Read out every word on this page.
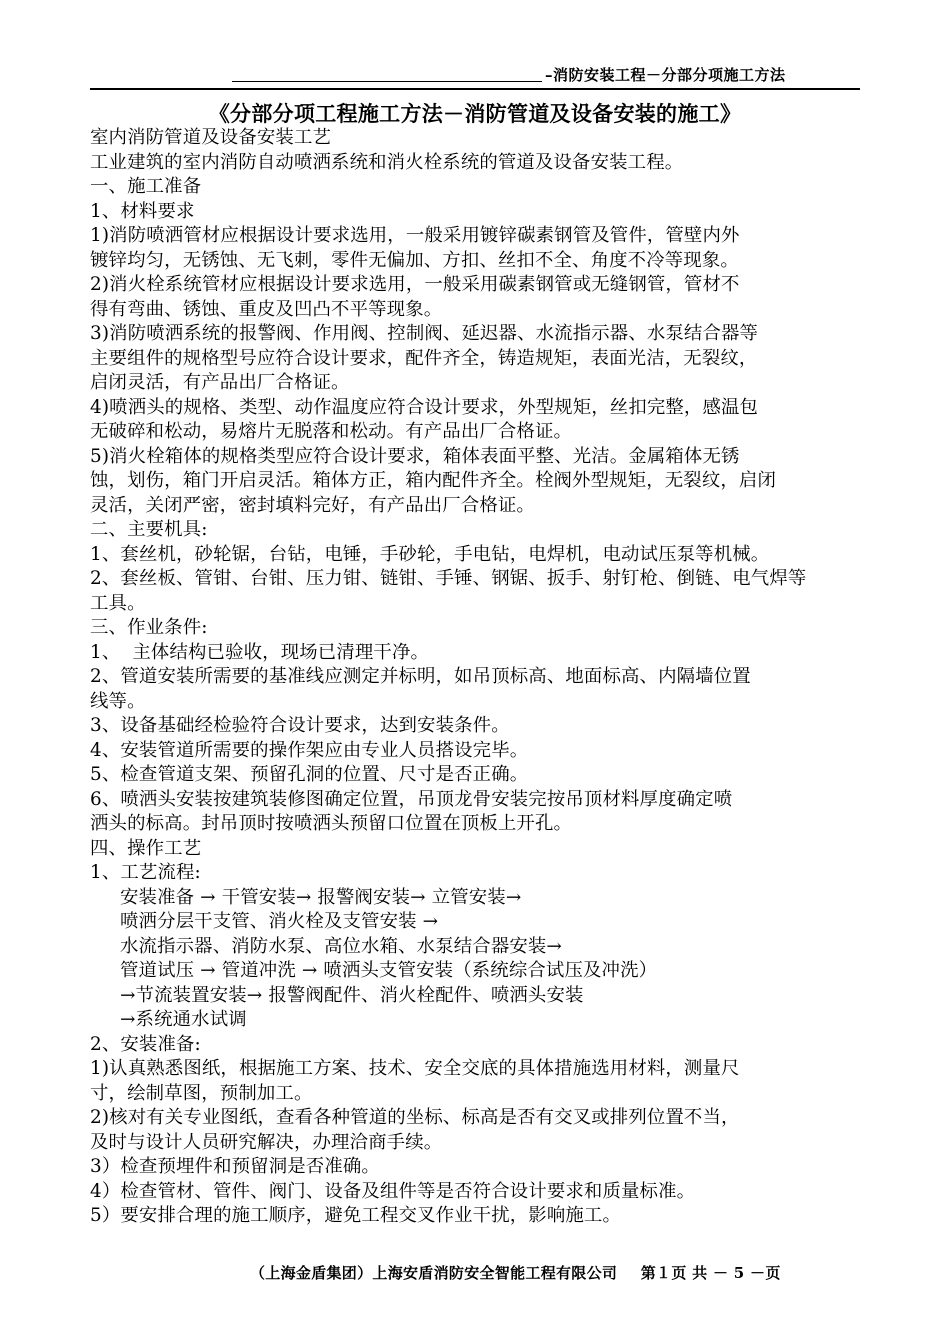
–消防安装工程－分部分项施工方法
《分部分项工程施工方法－消防管道及设备安装的施工》

室内消防管道及设备安装工艺

工业建筑的室内消防自动喷洒系统和消火栓系统的管道及设备安装工程。

一、施工准备

1、材料要求

1)消防喷洒管材应根据设计要求选用，一般采用镀锌碳素钢管及管件，管壁内外

镀锌均匀，无锈蚀、无飞刺，零件无偏加、方扣、丝扣不全、角度不冷等现象。

2)消火栓系统管材应根据设计要求选用，一般采用碳素钢管或无缝钢管，管材不

得有弯曲、锈蚀、重皮及凹凸不平等现象。

3)消防喷洒系统的报警阀、作用阀、控制阀、延迟器、水流指示器、水泵结合器等

主要组件的规格型号应符合设计要求，配件齐全，铸造规矩，表面光洁，无裂纹，

启闭灵活，有产品出厂合格证。

4)喷洒头的规格、类型、动作温度应符合设计要求，外型规矩，丝扣完整，感温包

无破碎和松动，易熔片无脱落和松动。有产品出厂合格证。

5)消火栓箱体的规格类型应符合设计要求，箱体表面平整、光洁。金属箱体无锈

蚀，划伤，箱门开启灵活。箱体方正，箱内配件齐全。栓阀外型规矩，无裂纹，启闭

灵活，关闭严密，密封填料完好，有产品出厂合格证。

二、主要机具:

1、套丝机，砂轮锯，台钻，电锤，手砂轮，手电钻，电焊机，电动试压泵等机械。

2、套丝板、管钳、台钳、压力钳、链钳、手锤、钢锯、扳手、射钉枪、倒链、电气焊等

工具。

三、作业条件:

1、  主体结构已验收，现场已清理干净。

2、管道安装所需要的基准线应测定并标明，如吊顶标高、地面标高、内隔墙位置

线等。

3、设备基础经检验符合设计要求，达到安装条件。

4、安装管道所需要的操作架应由专业人员搭设完毕。

5、检查管道支架、预留孔洞的位置、尺寸是否正确。

6、喷洒头安装按建筑装修图确定位置，吊顶龙骨安装完按吊顶材料厚度确定喷

洒头的标高。封吊顶时按喷洒头预留口位置在顶板上开孔。

四、操作工艺

1、工艺流程:

安装准备 → 干管安装→ 报警阀安装→ 立管安装→

喷洒分层干支管、消火栓及支管安装 →

水流指示器、消防水泵、高位水箱、水泵结合器安装→

管道试压 → 管道冲洗 → 喷洒头支管安装（系统综合试压及冲洗）

→节流装置安装→ 报警阀配件、消火栓配件、喷洒头安装

→系统通水试调

2、安装准备:

1)认真熟悉图纸，根据施工方案、技术、安全交底的具体措施选用材料，测量尺

寸，绘制草图，预制加工。

2)核对有关专业图纸，查看各种管道的坐标、标高是否有交叉或排列位置不当，

及时与设计人员研究解决，办理洽商手续。

3）检查预埋件和预留洞是否准确。

4）检查管材、管件、阀门、设备及组件等是否符合设计要求和质量标准。

5）要安排合理的施工顺序，避免工程交叉作业干扰，影响施工。

（上海金盾集团）上海安盾消防安全智能工程有限公司 第１页 共 － 5 －页
